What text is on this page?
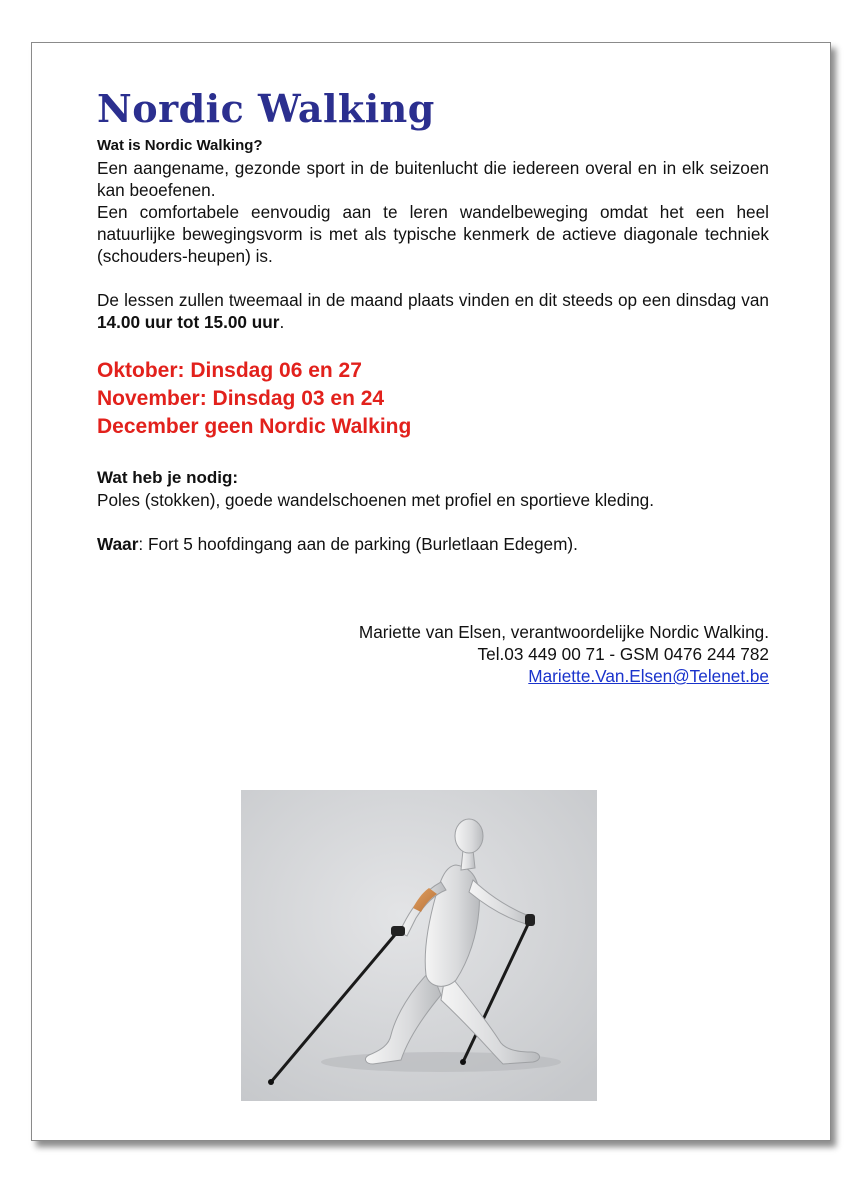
Nordic Walking
Wat is Nordic Walking?

Een aangename, gezonde sport in de buitenlucht die iedereen overal en in elk seizoen kan beoefenen.

Een comfortabele eenvoudig aan te leren wandelbeweging omdat het een heel natuurlijke bewegingsvorm is met als typische kenmerk de actieve diagonale techniek (schouders-heupen) is.

De lessen zullen tweemaal in de maand plaats vinden en dit steeds op een dinsdag van 14.00 uur tot 15.00 uur.

Oktober: Dinsdag 06 en 27
November: Dinsdag 03 en 24
December geen Nordic Walking
Wat heb je nodig:

Poles (stokken), goede wandelschoenen met profiel en sportieve kleding.

Waar: Fort 5 hoofdingang aan de parking (Burletlaan Edegem).

Mariette van Elsen, verantwoordelijke Nordic Walking.
Tel.03 449 00 71 - GSM 0476 244 782
Mariette.Van.Elsen@Telenet.be
